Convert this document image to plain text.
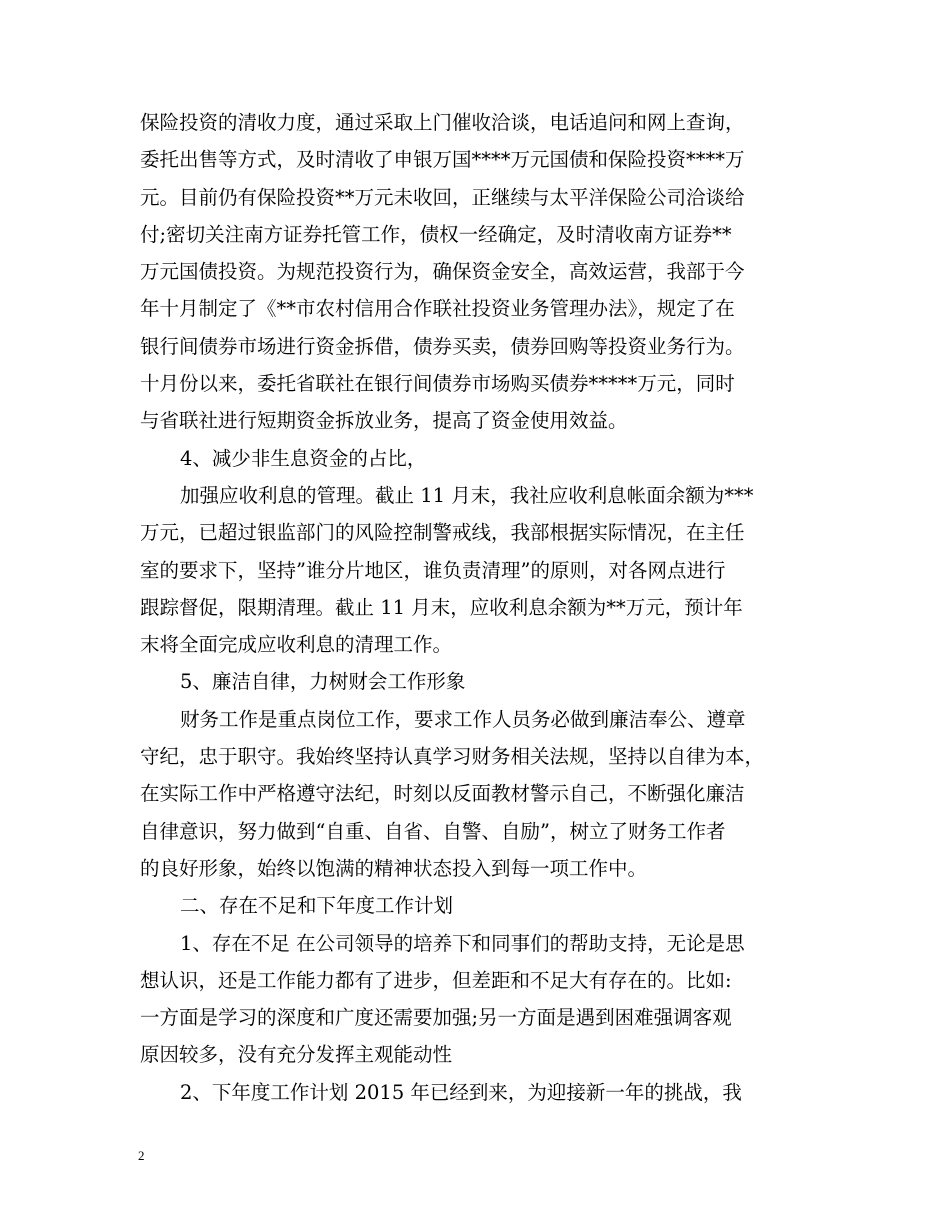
保险投资的清收力度，通过采取上门催收洽谈，电话追问和网上查询，
委托出售等方式，及时清收了申银万国****万元国债和保险投资****万
元。目前仍有保险投资**万元未收回，正继续与太平洋保险公司洽谈给
付;密切关注南方证券托管工作，债权一经确定，及时清收南方证券**
万元国债投资。为规范投资行为，确保资金安全，高效运营，我部于今
年十月制定了《**市农村信用合作联社投资业务管理办法》，规定了在
银行间债券市场进行资金拆借，债券买卖，债券回购等投资业务行为。
十月份以来，委托省联社在银行间债券市场购买债券*****万元，同时
与省联社进行短期资金拆放业务，提高了资金使用效益。
4、减少非生息资金的占比，
加强应收利息的管理。截止 11 月末，我社应收利息帐面余额为***
万元，已超过银监部门的风险控制警戒线，我部根据实际情况，在主任
室的要求下，坚持”谁分片地区，谁负责清理”的原则，对各网点进行
跟踪督促，限期清理。截止 11 月末，应收利息余额为**万元，预计年
末将全面完成应收利息的清理工作。
5、廉洁自律，力树财会工作形象
财务工作是重点岗位工作，要求工作人员务必做到廉洁奉公、遵章
守纪，忠于职守。我始终坚持认真学习财务相关法规，坚持以自律为本，
在实际工作中严格遵守法纪，时刻以反面教材警示自己，不断强化廉洁
自律意识，努力做到“自重、自省、自警、自励”，树立了财务工作者
的良好形象，始终以饱满的精神状态投入到每一项工作中。
二、存在不足和下年度工作计划
1、存在不足 在公司领导的培养下和同事们的帮助支持，无论是思
想认识，还是工作能力都有了进步，但差距和不足大有存在的。比如:
一方面是学习的深度和广度还需要加强;另一方面是遇到困难强调客观
原因较多，没有充分发挥主观能动性
2、下年度工作计划 2015 年已经到来，为迎接新一年的挑战，我
2
